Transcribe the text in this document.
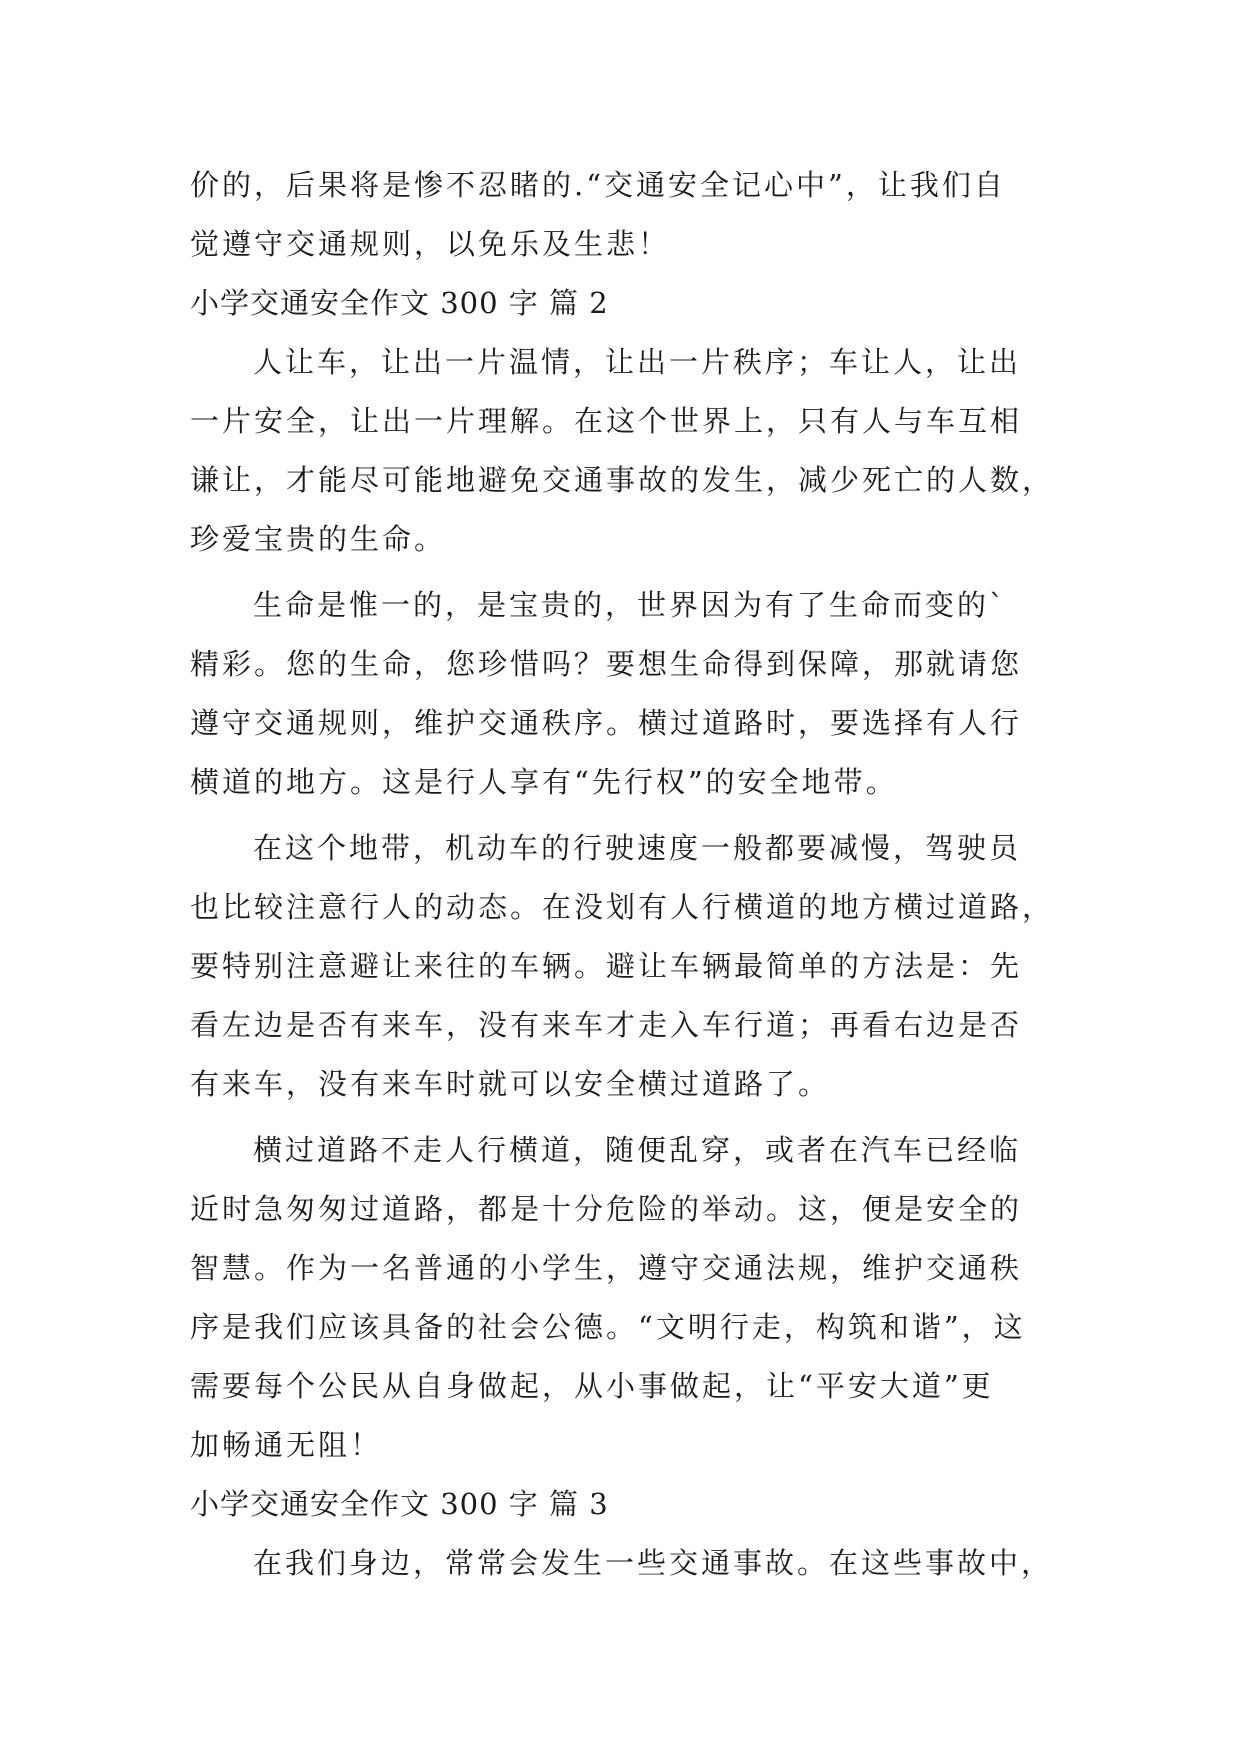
价的，后果将是惨不忍睹的.“交通安全记心中”，让我们自
觉遵守交通规则，以免乐及生悲！
小学交通安全作文 300 字 篇 2
人让车，让出一片温情，让出一片秩序；车让人，让出
一片安全，让出一片理解。在这个世界上，只有人与车互相
谦让，才能尽可能地避免交通事故的发生，减少死亡的人数，
珍爱宝贵的生命。
生命是惟一的，是宝贵的，世界因为有了生命而变的`
精彩。您的生命，您珍惜吗？要想生命得到保障，那就请您
遵守交通规则，维护交通秩序。横过道路时，要选择有人行
横道的地方。这是行人享有“先行权”的安全地带。
在这个地带，机动车的行驶速度一般都要减慢，驾驶员
也比较注意行人的动态。在没划有人行横道的地方横过道路，
要特别注意避让来往的车辆。避让车辆最简单的方法是：先
看左边是否有来车，没有来车才走入车行道；再看右边是否
有来车，没有来车时就可以安全横过道路了。
横过道路不走人行横道，随便乱穿，或者在汽车已经临
近时急匆匆过道路，都是十分危险的举动。这，便是安全的
智慧。作为一名普通的小学生，遵守交通法规，维护交通秩
序是我们应该具备的社会公德。“文明行走，构筑和谐”，这
需要每个公民从自身做起，从小事做起，让“平安大道”更
加畅通无阻！
小学交通安全作文 300 字 篇 3
在我们身边，常常会发生一些交通事故。在这些事故中，
